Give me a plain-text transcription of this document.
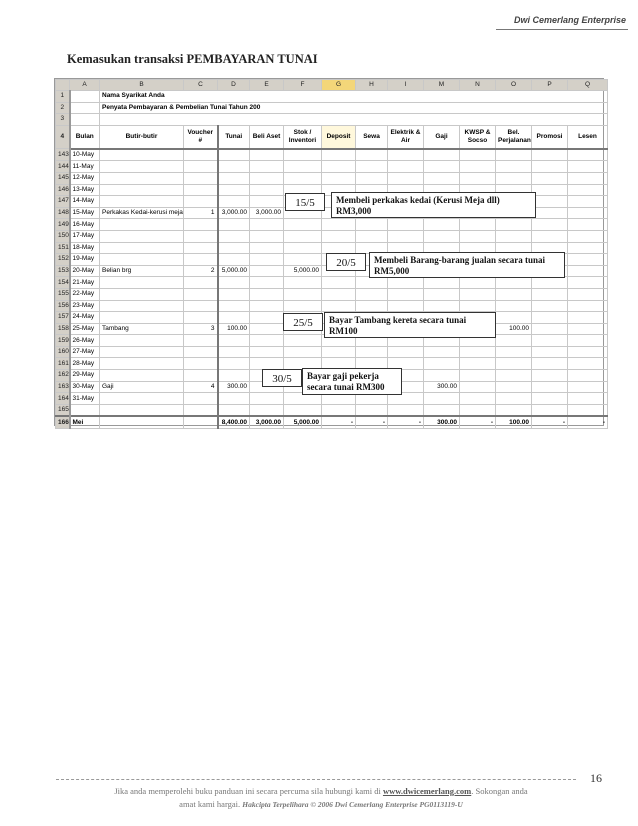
Dwi Cemerlang Enterprise
Kemasukan transaksi PEMBAYARAN TUNAI
	A	B	C	D	E	F	G	H	I	M	N	O	P	Q
1		Nama Syarikat Anda												
2		Penyata Pembayaran & Pembelian Tunai Tahun 200												
3														
4	Bulan	Butir-butir	Voucher #	Tunai	Beli Aset	Stok / Inventori	Deposit	Sewa	Elektrik & Air	Gaji	KWSP & Socso	Bel. Perjalanan	Promosi	Lesen
143	10-May													
144	11-May													
145	12-May													
146	13-May													
147	14-May													
148	15-May	Perkakas Kedai-kerusi meja	1	3,000.00	3,000.00									
149	16-May													
150	17-May													
151	18-May													
152	19-May													
153	20-May	Belian brg	2	5,000.00		5,000.00								
154	21-May													
155	22-May													
156	23-May													
157	24-May													
158	25-May	Tambang	3	100.00								100.00		
159	26-May													
160	27-May													
161	28-May													
162	29-May													
163	30-May	Gaji	4	300.00						300.00				
164	31-May													
165														
166	Mei			8,400.00	3,000.00	5,000.00	-	-	-	300.00	-	100.00	-	-
15/5	Membeli perkakas kedai (Kerusi Meja dll) RM3,000
20/5	Membeli Barang-barang jualan secara tunai RM5,000
25/5	Bayar Tambang kereta secara tunai RM100
30/5	Bayar gaji pekerja secara tunai RM300
16
Jika anda memperolehi buku panduan ini secara percuma sila hubungi kami di www.dwicemerlang.com. Sokongan anda
amat kami hargai. Hakcipta Terpelihara © 2006 Dwi Cemerlang Enterprise PG0113119-U
